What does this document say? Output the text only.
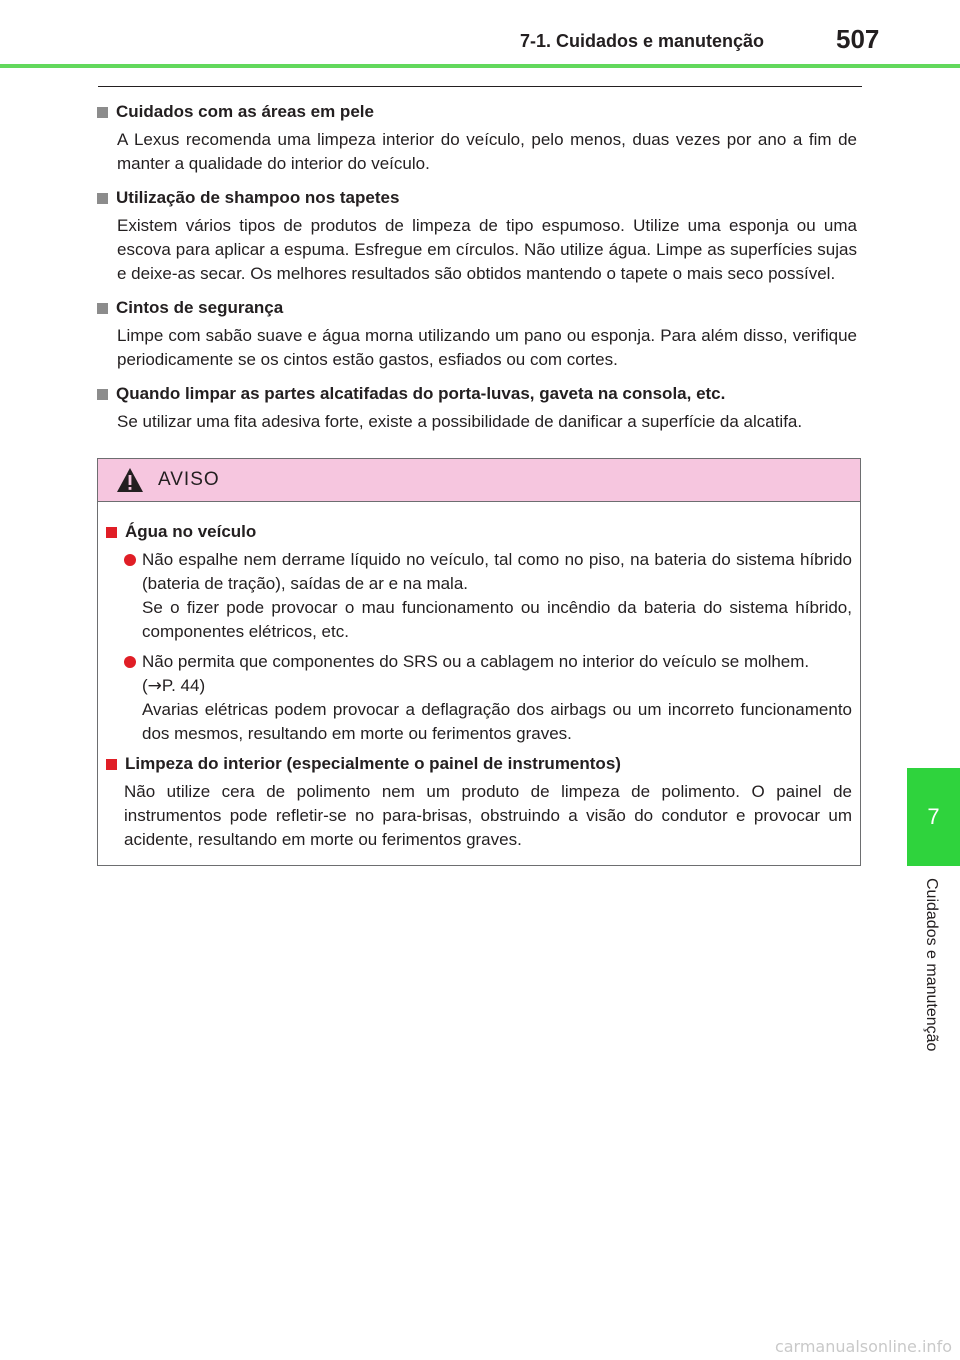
7-1. Cuidados e manutenção	507
7
Cuidados e manutenção
Cuidados com as áreas em pele
A Lexus recomenda uma limpeza interior do veículo, pelo menos, duas vezes por ano a fim de manter a qualidade do interior do veículo.
Utilização de shampoo nos tapetes
Existem vários tipos de produtos de limpeza de tipo espumoso. Utilize uma esponja ou uma escova para aplicar a espuma. Esfregue em círculos. Não utilize água. Limpe as superfícies sujas e deixe-as secar. Os melhores resultados são obtidos mantendo o tapete o mais seco possível.
Cintos de segurança
Limpe com sabão suave e água morna utilizando um pano ou esponja. Para além disso, verifique periodicamente se os cintos estão gastos, esfiados ou com cortes.
Quando limpar as partes alcatifadas do porta-luvas, gaveta na consola, etc.
Se utilizar uma fita adesiva forte, existe a possibilidade de danificar a superfície da alcatifa.
AVISO
Água no veículo
Não espalhe nem derrame líquido no veículo, tal como no piso, na bateria do sistema híbrido (bateria de tração), saídas de ar e na mala.
Se o fizer pode provocar o mau funcionamento ou incêndio da bateria do sistema híbrido, componentes elétricos, etc.
Não permita que componentes do SRS ou a cablagem no interior do veículo se molhem.
(→P. 44)
Avarias elétricas podem provocar a deflagração dos airbags ou um incorreto funcionamento dos mesmos, resultando em morte ou ferimentos graves.
Limpeza do interior (especialmente o painel de instrumentos)
Não utilize cera de polimento nem um produto de limpeza de polimento. O painel de instrumentos pode refletir-se no para-brisas, obstruindo a visão do condutor e provocar um acidente, resultando em morte ou ferimentos graves.
carmanualsonline.info
